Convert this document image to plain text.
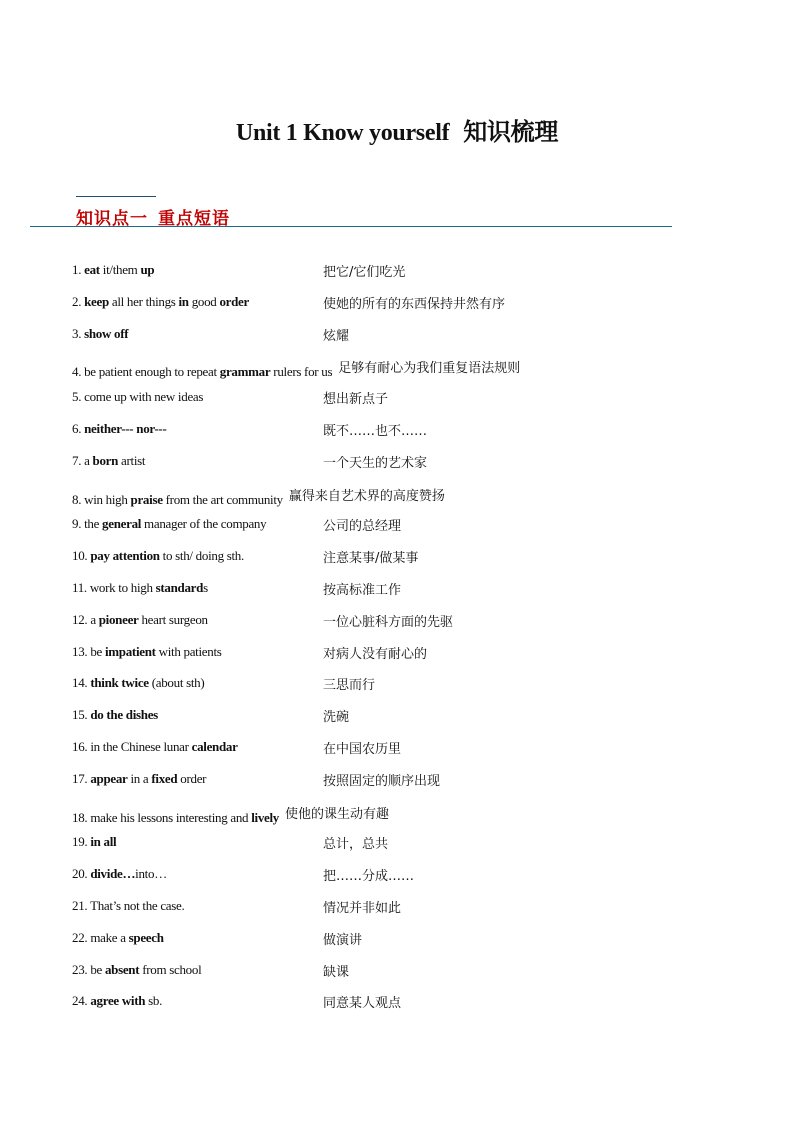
Unit 1 Know yourself 知识梳理
知识点一 重点短语
1. eat it/them up	把它/它们吃光
2. keep all her things in good order	使她的所有的东西保持井然有序
3. show off	炫耀
4. be patient enough to repeat grammar rulers for us 足够有耐心为我们重复语法规则
5. come up with new ideas	想出新点子
6. neither--- nor---	既不……也不……
7. a born artist	一个天生的艺术家
8. win high praise from the art community 赢得来自艺术界的高度赞扬
9. the general manager of the company	公司的总经理
10. pay attention to sth/ doing sth.	注意某事/做某事
11. work to high standards	按高标准工作
12. a pioneer heart surgeon	一位心脏科方面的先驱
13. be impatient with patients	对病人没有耐心的
14. think twice (about sth)	三思而行
15. do the dishes	洗碗
16. in the Chinese lunar calendar	在中国农历里
17. appear in a fixed order	按照固定的顺序出现
18. make his lessons interesting and lively 使他的课生动有趣
19. in all	总计，总共
20. divide…into…	把……分成……
21. That’s not the case.	情况并非如此
22. make a speech	做演讲
23. be absent from school	缺课
24. agree with sb.	同意某人观点
